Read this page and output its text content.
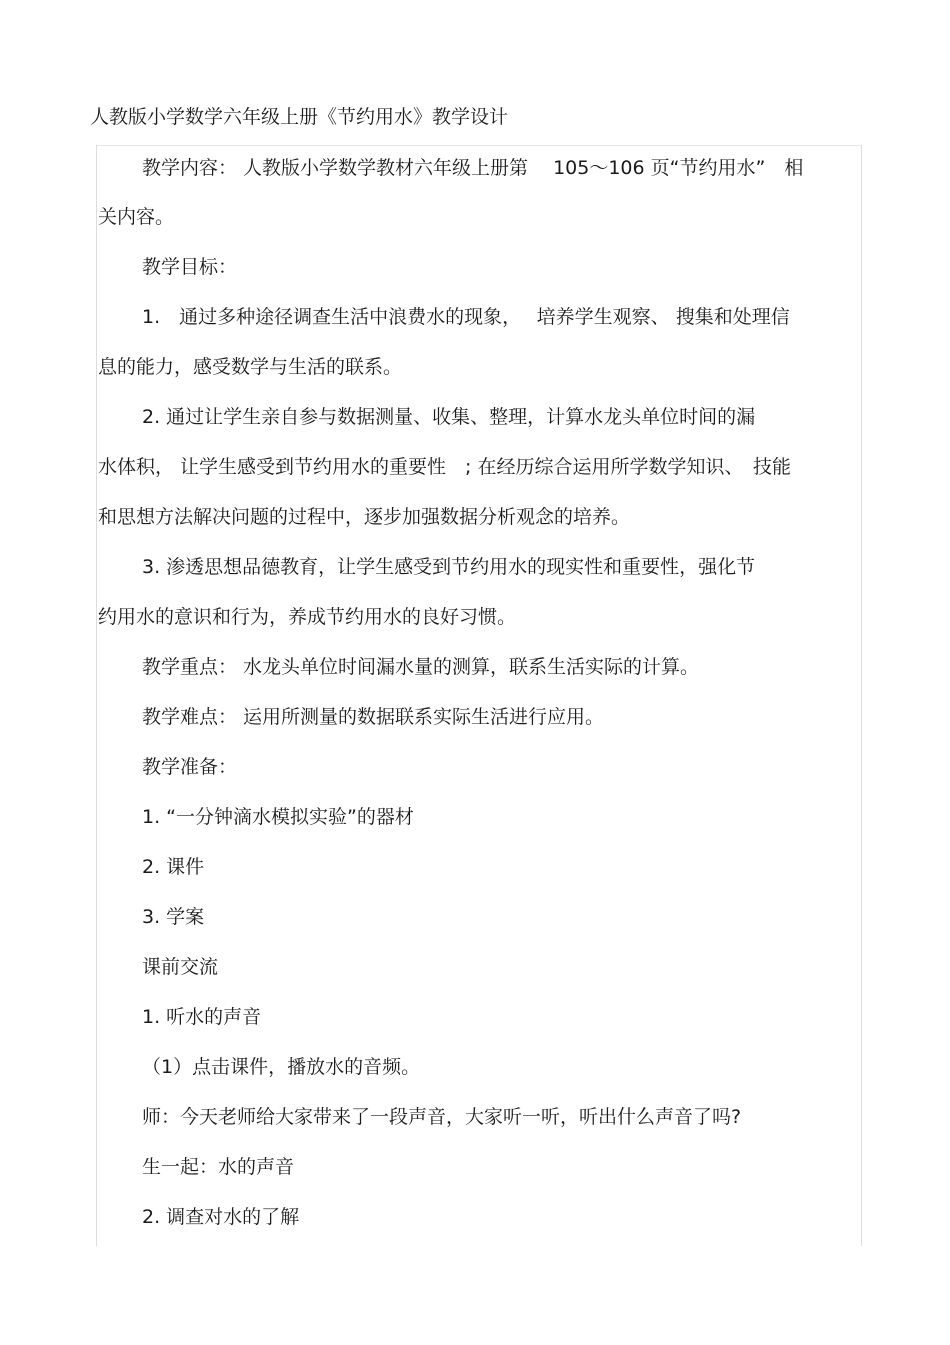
人教版小学数学六年级上册《节约用水》教学设计
教学内容： 人教版小学数学教材六年级上册第　 105～106 页“节约用水”　相
关内容。
教学目标：
1.　通过多种途径调查生活中浪费水的现象，　 培养学生观察、 搜集和处理信
息的能力，感受数学与生活的联系。
2. 通过让学生亲自参与数据测量、收集、整理，计算水龙头单位时间的漏
水体积， 让学生感受到节约用水的重要性　; 在经历综合运用所学数学知识、　技能
和思想方法解决问题的过程中，逐步加强数据分析观念的培养。
3. 渗透思想品德教育，让学生感受到节约用水的现实性和重要性，强化节
约用水的意识和行为，养成节约用水的良好习惯。
教学重点： 水龙头单位时间漏水量的测算，联系生活实际的计算。
教学难点： 运用所测量的数据联系实际生活进行应用。
教学准备：
1. “一分钟滴水模拟实验”的器材
2. 课件
3. 学案
课前交流
1. 听水的声音
（1）点击课件，播放水的音频。
师：今天老师给大家带来了一段声音，大家听一听，听出什么声音了吗?
生一起：水的声音
2. 调查对水的了解
